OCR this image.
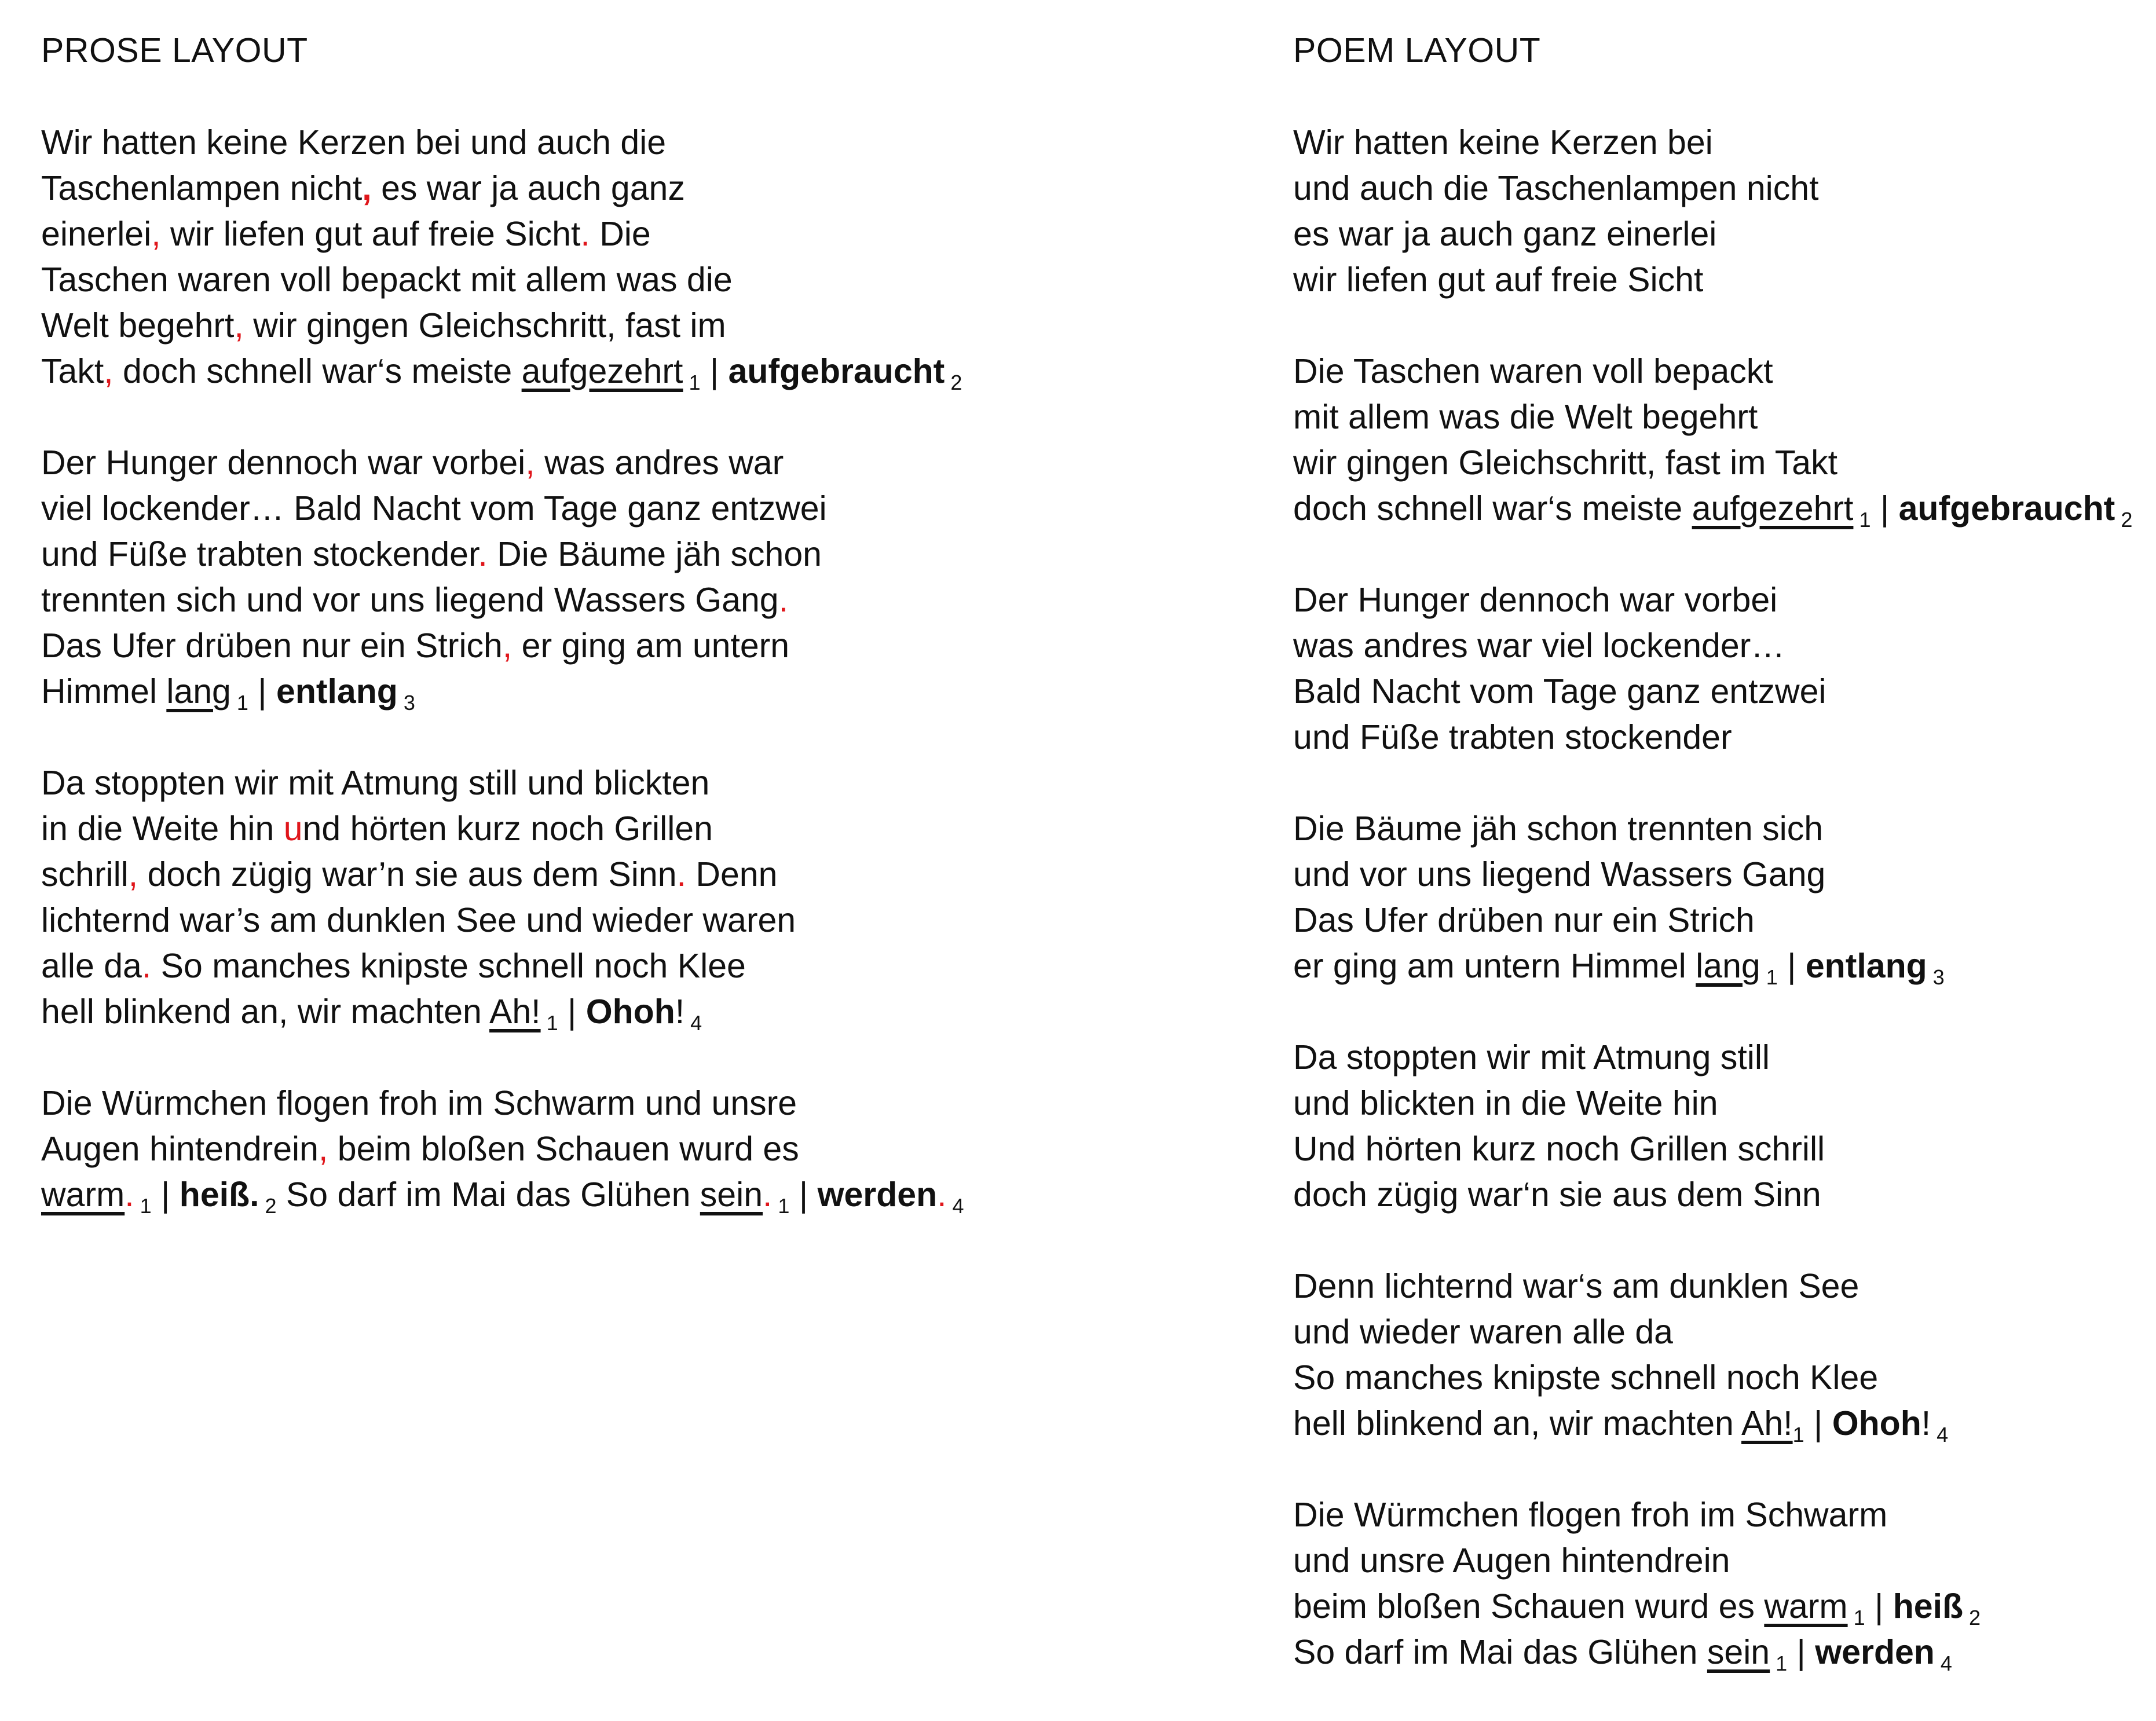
PROSE LAYOUT
Wir hatten keine Kerzen bei und auch die
Taschenlampen nicht, es war ja auch ganz
einerlei, wir liefen gut auf freie Sicht. Die
Taschen waren voll bepackt mit allem was die
Welt begehrt, wir gingen Gleichschritt, fast im
Takt, doch schnell war‘s meiste aufgezehrt $_1$ | aufgebraucht $_2$
Der Hunger dennoch war vorbei, was andres war
viel lockender… Bald Nacht vom Tage ganz entzwei
und Füße trabten stockender. Die Bäume jäh schon
trennten sich und vor uns liegend Wassers Gang.
Das Ufer drüben nur ein Strich, er ging am untern
Himmel lang $_1$ | entlang $_3$
Da stoppten wir mit Atmung still und blickten
in die Weite hin und hörten kurz noch Grillen
schrill, doch zügig war’n sie aus dem Sinn. Denn
lichternd war’s am dunklen See und wieder waren
alle da. So manches knipste schnell noch Klee
hell blinkend an, wir machten Ah! $_1$ | Ohoh! $_4$
Die Würmchen flogen froh im Schwarm und unsre
Augen hintendrein, beim bloßen Schauen wurd es
warm. $_1$ | heiß. $_2$ So darf im Mai das Glühen sein. $_1$ | werden. $_4$
POEM LAYOUT
Wir hatten keine Kerzen bei
und auch die Taschenlampen nicht
es war ja auch ganz einerlei
wir liefen gut auf freie Sicht
Die Taschen waren voll bepackt
mit allem was die Welt begehrt
wir gingen Gleichschritt, fast im Takt
doch schnell war‘s meiste aufgezehrt $_1$ | aufgebraucht $_2$
Der Hunger dennoch war vorbei
was andres war viel lockender…
Bald Nacht vom Tage ganz entzwei
und Füße trabten stockender
Die Bäume jäh schon trennten sich
und vor uns liegend Wassers Gang
Das Ufer drüben nur ein Strich
er ging am untern Himmel lang $_1$ | entlang $_3$
Da stoppten wir mit Atmung still
und blickten in die Weite hin
Und hörten kurz noch Grillen schrill
doch zügig war‘n sie aus dem Sinn
Denn lichternd war‘s am dunklen See
und wieder waren alle da
So manches knipste schnell noch Klee
hell blinkend an, wir machten $Ah!_1$ | Ohoh! $_4$
Die Würmchen flogen froh im Schwarm
und unsre Augen hintendrein
beim bloßen Schauen wurd es warm $_1$ | heiß $_2$
So darf im Mai das Glühen sein $_1$ | werden $_4$
